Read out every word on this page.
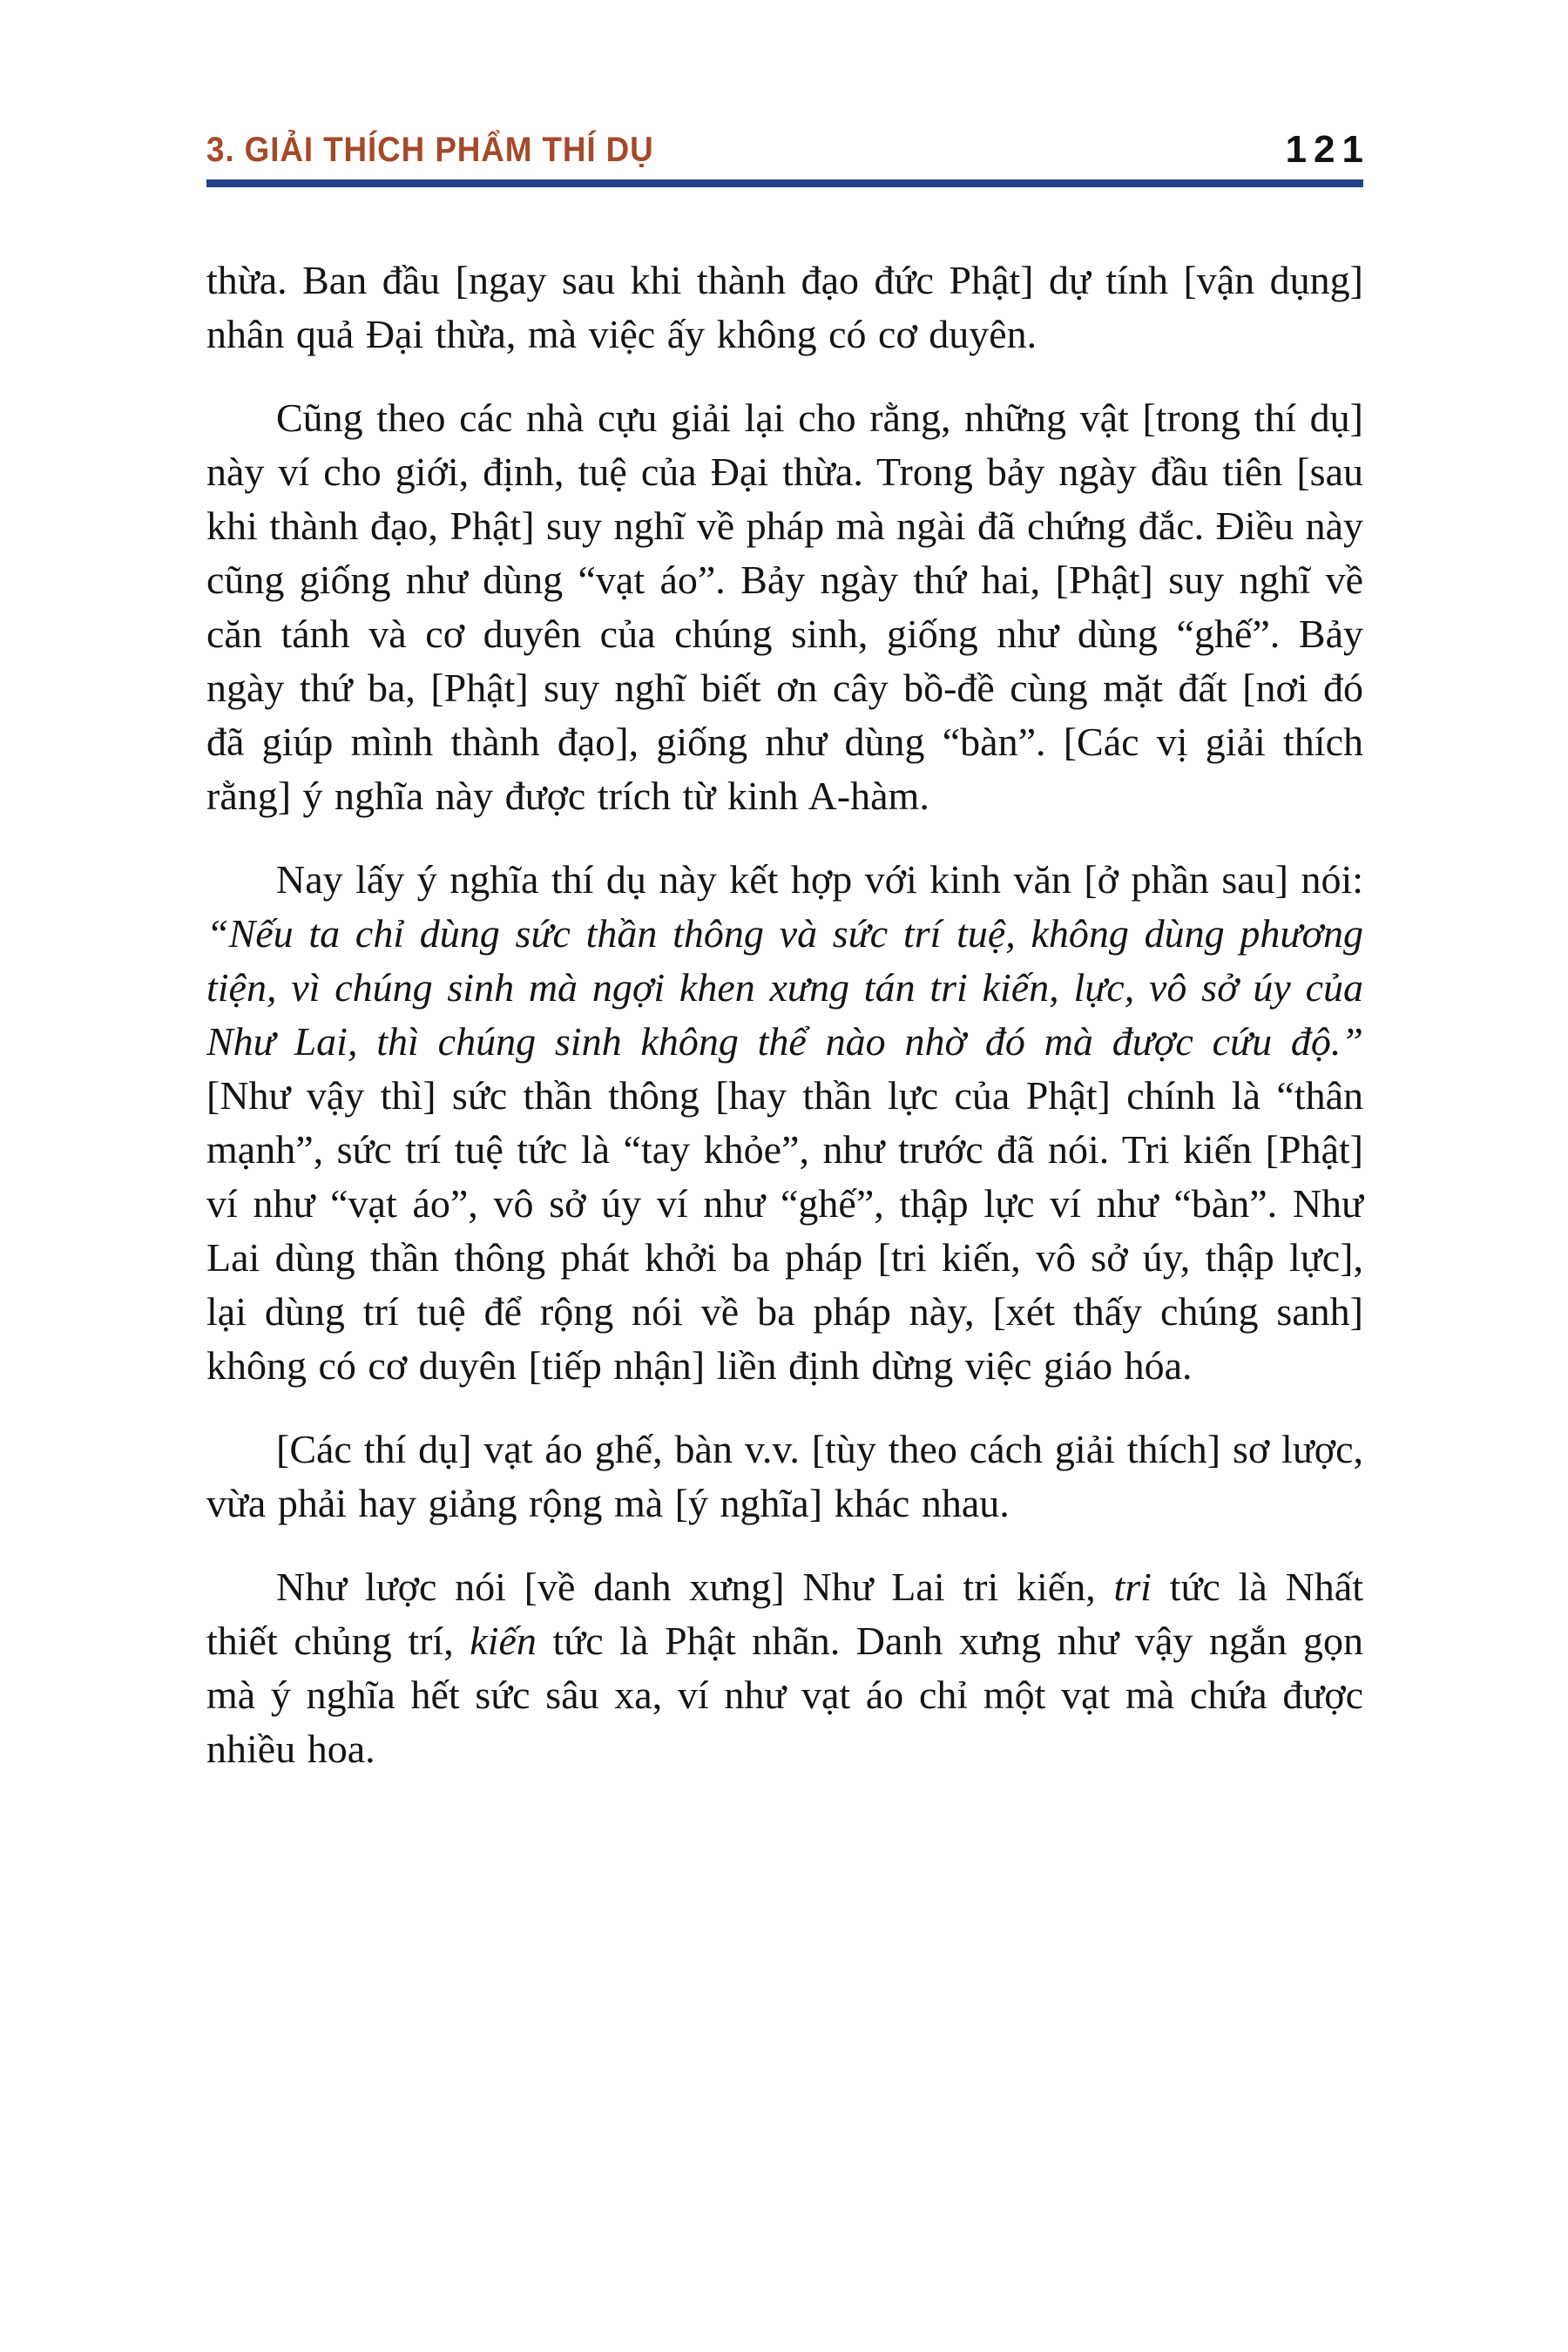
3. GIẢI THÍCH PHẨM THÍ DỤ	121

thừa. Ban đầu [ngay sau khi thành đạo đức Phật] dự tính [vận dụng] nhân quả Đại thừa, mà việc ấy không có cơ duyên.

Cũng theo các nhà cựu giải lại cho rằng, những vật [trong thí dụ] này ví cho giới, định, tuệ của Đại thừa. Trong bảy ngày đầu tiên [sau khi thành đạo, Phật] suy nghĩ về pháp mà ngài đã chứng đắc. Điều này cũng giống như dùng “vạt áo”. Bảy ngày thứ hai, [Phật] suy nghĩ về căn tánh và cơ duyên của chúng sinh, giống như dùng “ghế”. Bảy ngày thứ ba, [Phật] suy nghĩ biết ơn cây bồ-đề cùng mặt đất [nơi đó đã giúp mình thành đạo], giống như dùng “bàn”. [Các vị giải thích rằng] ý nghĩa này được trích từ kinh A-hàm.

Nay lấy ý nghĩa thí dụ này kết hợp với kinh văn [ở phần sau] nói: “Nếu ta chỉ dùng sức thần thông và sức trí tuệ, không dùng phương tiện, vì chúng sinh mà ngợi khen xưng tán tri kiến, lực, vô sở úy của Như Lai, thì chúng sinh không thể nào nhờ đó mà được cứu độ.” [Như vậy thì] sức thần thông [hay thần lực của Phật] chính là “thân mạnh”, sức trí tuệ tức là “tay khỏe”, như trước đã nói. Tri kiến [Phật] ví như “vạt áo”, vô sở úy ví như “ghế”, thập lực ví như “bàn”. Như Lai dùng thần thông phát khởi ba pháp [tri kiến, vô sở úy, thập lực], lại dùng trí tuệ để rộng nói về ba pháp này, [xét thấy chúng sanh] không có cơ duyên [tiếp nhận] liền định dừng việc giáo hóa.

[Các thí dụ] vạt áo ghế, bàn v.v. [tùy theo cách giải thích] sơ lược, vừa phải hay giảng rộng mà [ý nghĩa] khác nhau.

Như lược nói [về danh xưng] Như Lai tri kiến, tri tức là Nhất thiết chủng trí, kiến tức là Phật nhãn. Danh xưng như vậy ngắn gọn mà ý nghĩa hết sức sâu xa, ví như vạt áo chỉ một vạt mà chứa được nhiều hoa.
